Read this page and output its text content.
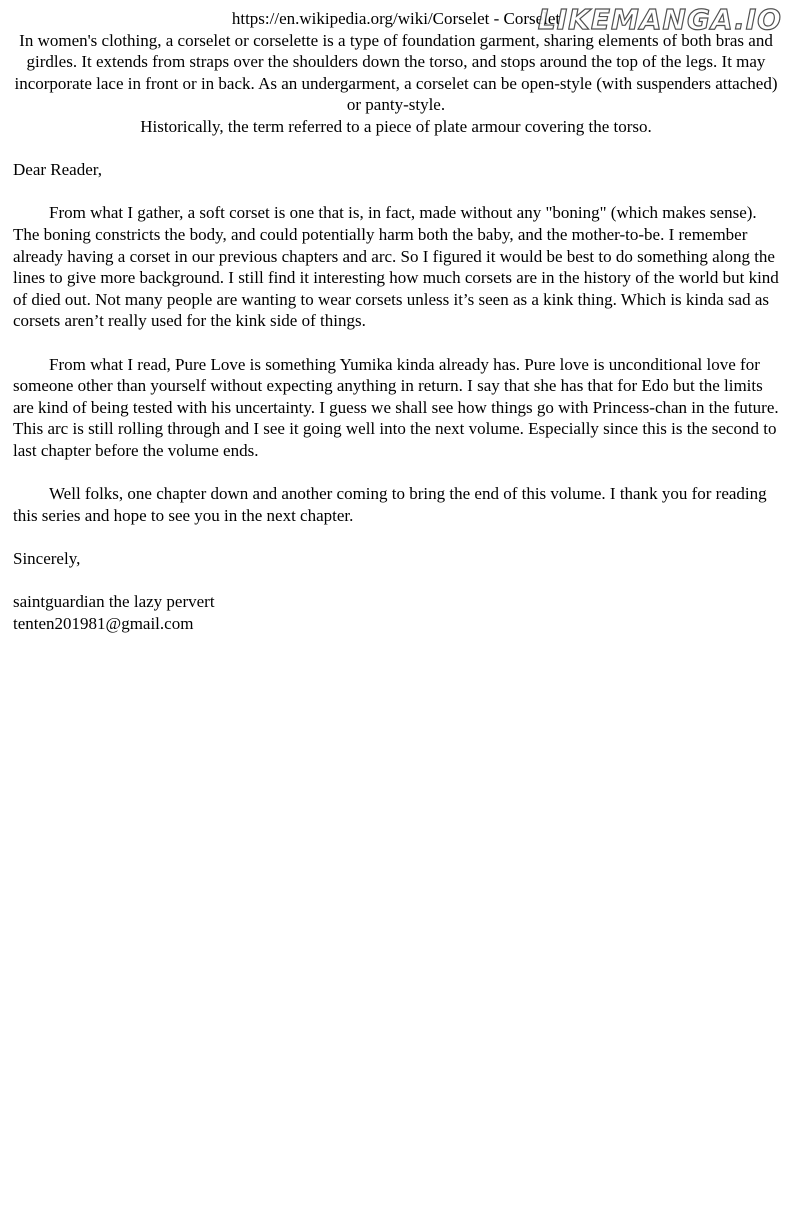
https://en.wikipedia.org/wiki/Corselet - Corselet

In women's clothing, a corselet or corselette is a type of foundation garment, sharing elements of both bras and girdles. It extends from straps over the shoulders down the torso, and stops around the top of the legs. It may incorporate lace in front or in back. As an undergarment, a corselet can be open-style (with suspenders attached) or panty-style.

Historically, the term referred to a piece of plate armour covering the torso.

Dear Reader,

From what I gather, a soft corset is one that is, in fact, made without any "boning" (which makes sense). The boning constricts the body, and could potentially harm both the baby, and the mother-to-be. I remember already having a corset in our previous chapters and arc. So I figured it would be best to do something along the lines to give more background. I still find it interesting how much corsets are in the history of the world but kind of died out. Not many people are wanting to wear corsets unless it’s seen as a kink thing. Which is kinda sad as corsets aren’t really used for the kink side of things.

From what I read, Pure Love is something Yumika kinda already has. Pure love is unconditional love for someone other than yourself without expecting anything in return. I say that she has that for Edo but the limits are kind of being tested with his uncertainty. I guess we shall see how things go with Princess-chan in the future. This arc is still rolling through and I see it going well into the next volume. Especially since this is the second to last chapter before the volume ends.

Well folks, one chapter down and another coming to bring the end of this volume. I thank you for reading this series and hope to see you in the next chapter.

Sincerely,

saintguardian the lazy pervert

tenten201981@gmail.com

LIKEMANGA.IO
